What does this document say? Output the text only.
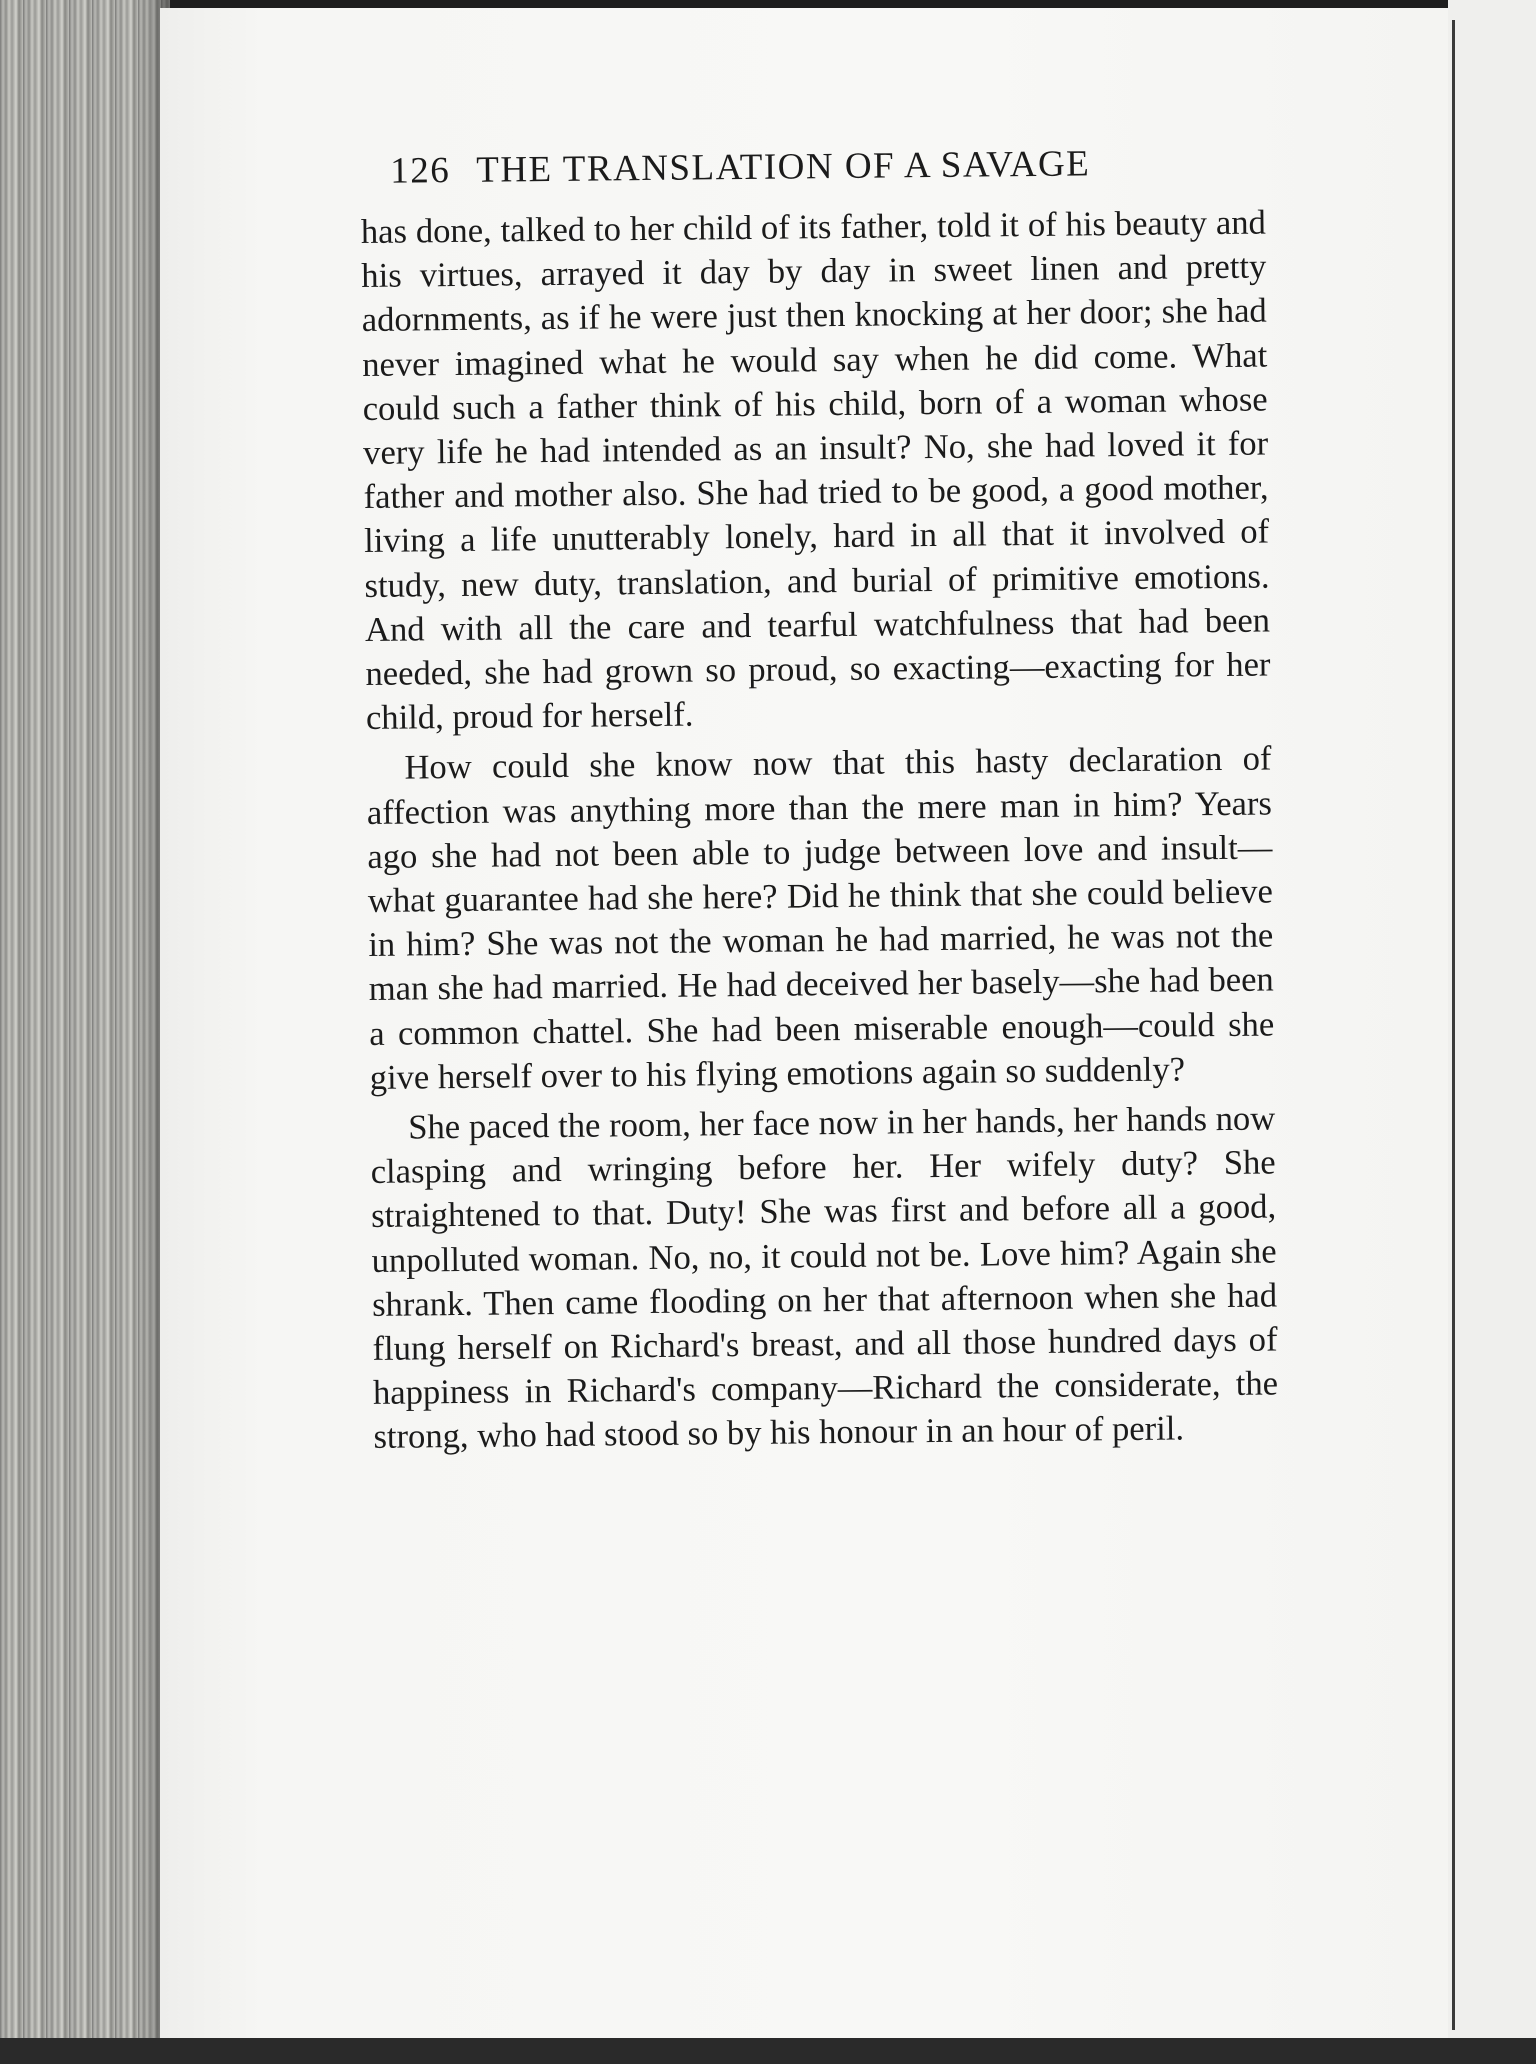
126 THE TRANSLATION OF A SAVAGE

has done, talked to her child of its father, told it of his beauty and his virtues, arrayed it day by day in sweet linen and pretty adornments, as if he were just then knocking at her door; she had never imagined what he would say when he did come. What could such a father think of his child, born of a woman whose very life he had intended as an insult? No, she had loved it for father and mother also. She had tried to be good, a good mother, living a life unutterably lonely, hard in all that it involved of study, new duty, translation, and burial of primitive emotions. And with all the care and tearful watchfulness that had been needed, she had grown so proud, so exacting—exacting for her child, proud for herself.

How could she know now that this hasty declaration of affection was anything more than the mere man in him? Years ago she had not been able to judge between love and insult—what guarantee had she here? Did he think that she could believe in him? She was not the woman he had married, he was not the man she had married. He had deceived her basely—she had been a common chattel. She had been miserable enough—could she give herself over to his flying emotions again so suddenly?

She paced the room, her face now in her hands, her hands now clasping and wringing before her. Her wifely duty? She straightened to that. Duty! She was first and before all a good, unpolluted woman. No, no, it could not be. Love him? Again she shrank. Then came flooding on her that afternoon when she had flung herself on Richard's breast, and all those hundred days of happiness in Richard's company—Richard the considerate, the strong, who had stood so by his honour in an hour of peril.
